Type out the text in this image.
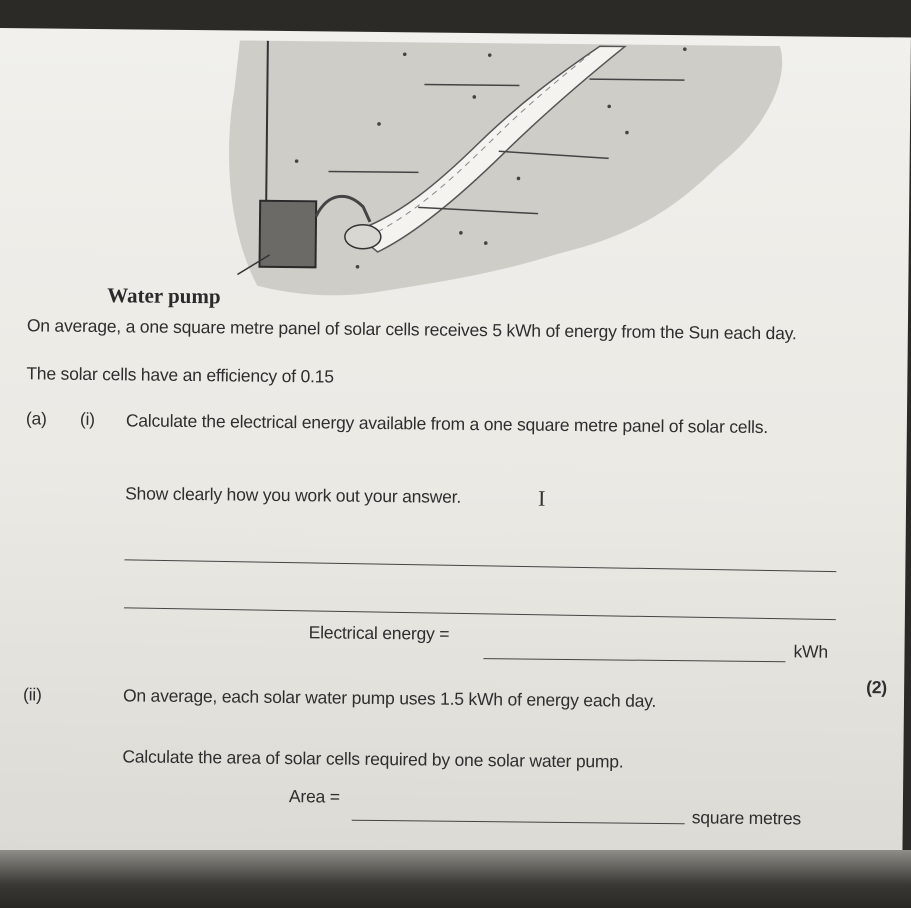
Water pump
On average, a one square metre panel of solar cells receives 5 kWh of energy from the Sun each day.
The solar cells have an efficiency of 0.15
(a) (i) Calculate the electrical energy available from a one square metre panel of solar cells.
Show clearly how you work out your answer.	I
Electrical energy =
kWh
(2)
(ii)	On average, each solar water pump uses 1.5 kWh of energy each day.
Calculate the area of solar cells required by one solar water pump.
Area =
square metres
